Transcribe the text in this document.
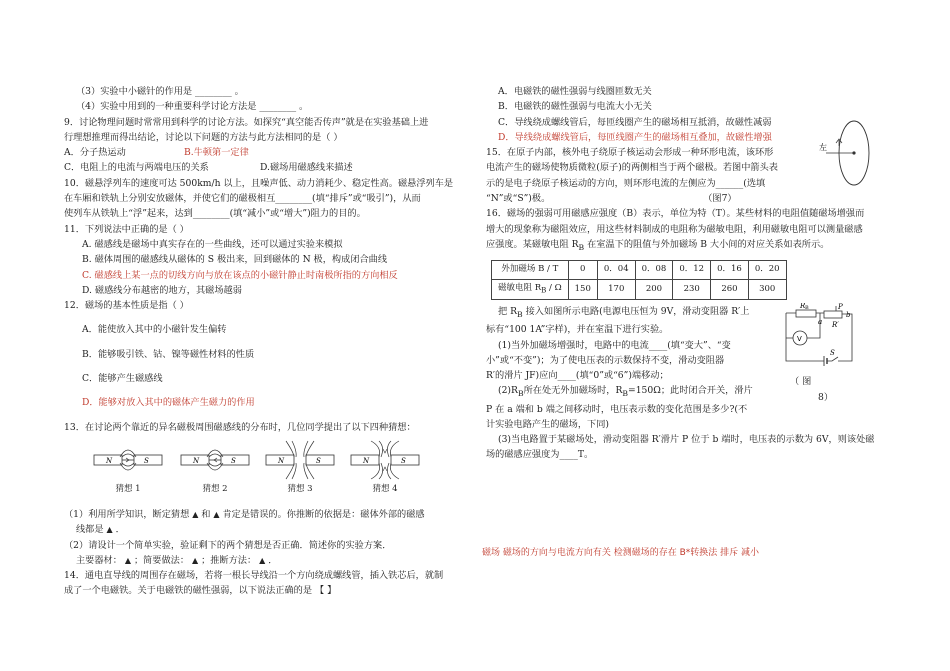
（3）实验中小磁针的作用是 ________ 。

（4）实验中用到的一种重要科学讨论方法是 ________ 。

9．讨论物理问题时常常用到科学的讨论方法。如探究“真空能否传声”就是在实验基础上进

行理想推理而得出结论，讨论以下问题的方法与此方法相同的是（ ）

A．分子热运动	B.牛顿第一定律
C．电阻上的电流与两端电压的关系	D.磁场用磁感线来描述

10．磁悬浮列车的速度可达 500km/h 以上，且噪声低、动力消耗少、稳定性高。磁悬浮列车是

在车厢和铁轨上分别安放磁体，并使它们的磁极相互________(填“排斥”或“吸引”)，从而

使列车从铁轨上“浮”起来，达到________(填“减小”或“增大”)阻力的目的。

11．下列说法中正确的是（ ）

A. 磁感线是磁场中真实存在的一些曲线，还可以通过实验来模拟

B. 磁体周围的磁感线从磁体的 S 极出来，回到磁体的 N 极，构成闭合曲线

C. 磁感线上某一点的切线方向与放在该点的小磁针静止时南极所指的方向相反

D. 磁感线分布越密的地方，其磁场越弱

12．磁场的基本性质是指（ ）

A．能使放入其中的小磁针发生偏转

B．能够吸引铁、钴、镍等磁性材料的性质

C．能够产生磁感线

D．能够对放入其中的磁体产生磁力的作用

13．在讨论两个靠近的异名磁极周围磁感线的分布时，几位同学提出了以下四种猜想：

N	S
猜想 1
N	S
猜想 2
N	S
猜想 3
N	S
猜想 4

（1）利用所学知识，断定猜想 ▲ 和 ▲ 肯定是错误的。你推断的依据是：磁体外部的磁感

线都是 ▲ ．

（2）请设计一个简单实验，验证剩下的两个猜想是否正确．简述你的实验方案．

主要器材： ▲ ；简要做法： ▲ ；推断方法： ▲ ．

14．通电直导线的周围存在磁场，若将一根长导线沿一个方向绕成螺线管，插入铁芯后，就制

成了一个电磁铁。关于电磁铁的磁性强弱，以下说法正确的是 【 】

A．电磁铁的磁性强弱与线圈匝数无关

B．电磁铁的磁性强弱与电流大小无关

C．导线绕成螺线管后，每匝线圈产生的磁场相互抵消，故磁性减弱

D．导线绕成螺线管后，每匝线圈产生的磁场相互叠加，故磁性增强

15．在原子内部，核外电子绕原子核运动会形成一种环形电流，该环形

电流产生的磁场使物质微粒(原子)的两侧相当于两个磁极。若图中箭头表

示的是电子绕原子核运动的方向，则环形电流的左侧应为______(选填

“N”或“S”)极。	（图7）

16．磁场的强弱可用磁感应强度（B）表示，单位为特（T）。某些材料的电阻值随磁场增强而

增大的现象称为磁阻效应，用这些材料制成的电阻称为磁敏电阻，利用磁敏电阻可以测量磁感

应强度。某磁敏电阻 $R_B$ 在室温下的阻值与外加磁场 B 大小间的对应关系如表所示。

外加磁场 B / T	0	0．04	0．08	0．12	0．16	0．20
磁敏电阻 $R_B$ / Ω	150	170	200	230	260	300

把 $R_B$ 接入如图所示电路(电源电压恒为 9V，滑动变阻器 R′上

标有“100 1A”字样)，并在室温下进行实验。

(1)当外加磁场增强时，电路中的电流____(填“变大”、“变

小”或“不变”)；为了使电压表的示数保持不变，滑动变阻器

R′的滑片 JF)应向____(填“0”或“6”)端移动；

$(2)R_B$所在处无外加磁场时，$R_B=150\Omega$；此时闭合开关，滑片

P 在 a 端和 b 端之间移动时，电压表示数的变化范围是多少?(不

计实验电路产生的磁场，下同)

(3)当电路置于某磁场处，滑动变阻器 R′滑片 P 位于 b 端时，电压表的示数为 6V，则该处磁

场的磁感应强度为____T。

左
R B	P
a
b
R′
V
S
（ 图
8）
磁场 磁场的方向与电流方向有关 检测磁场的存在 B*转换法 排斥 减小
